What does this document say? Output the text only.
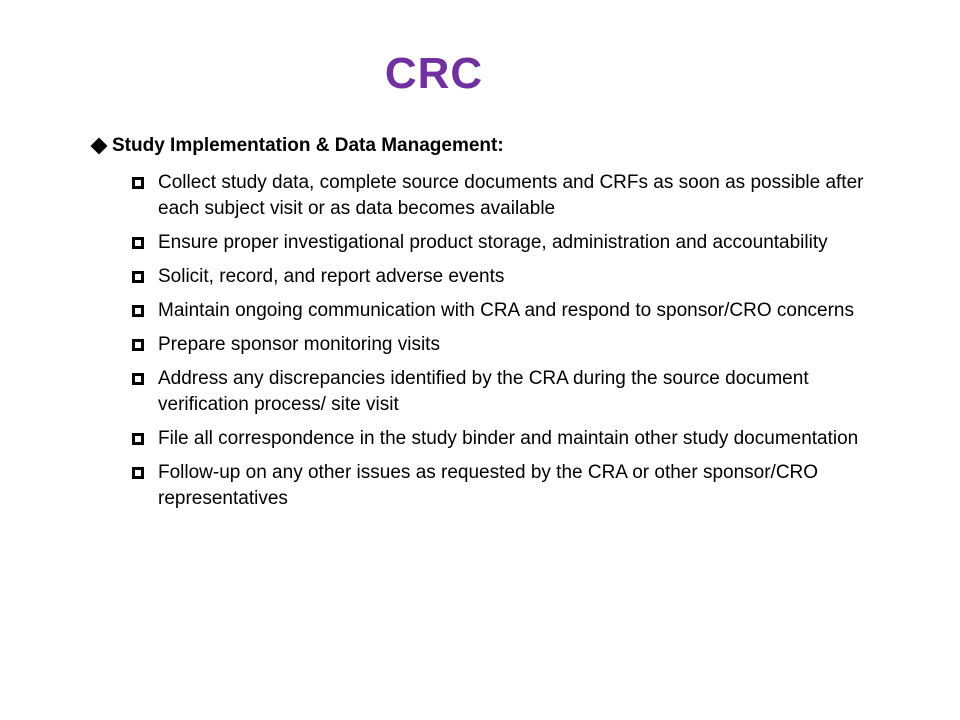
CRC
Study Implementation & Data Management:
Collect study data, complete source documents and CRFs as soon as possible after each subject visit or as data becomes available
Ensure proper investigational product storage, administration and accountability
Solicit, record, and report adverse events
Maintain ongoing communication with CRA and respond to sponsor/CRO concerns
Prepare sponsor monitoring visits
Address any discrepancies identified by the CRA during the source document verification process/ site visit
File all correspondence in the study binder and maintain other study documentation
Follow-up on any other issues as requested by the CRA or other sponsor/CRO representatives
